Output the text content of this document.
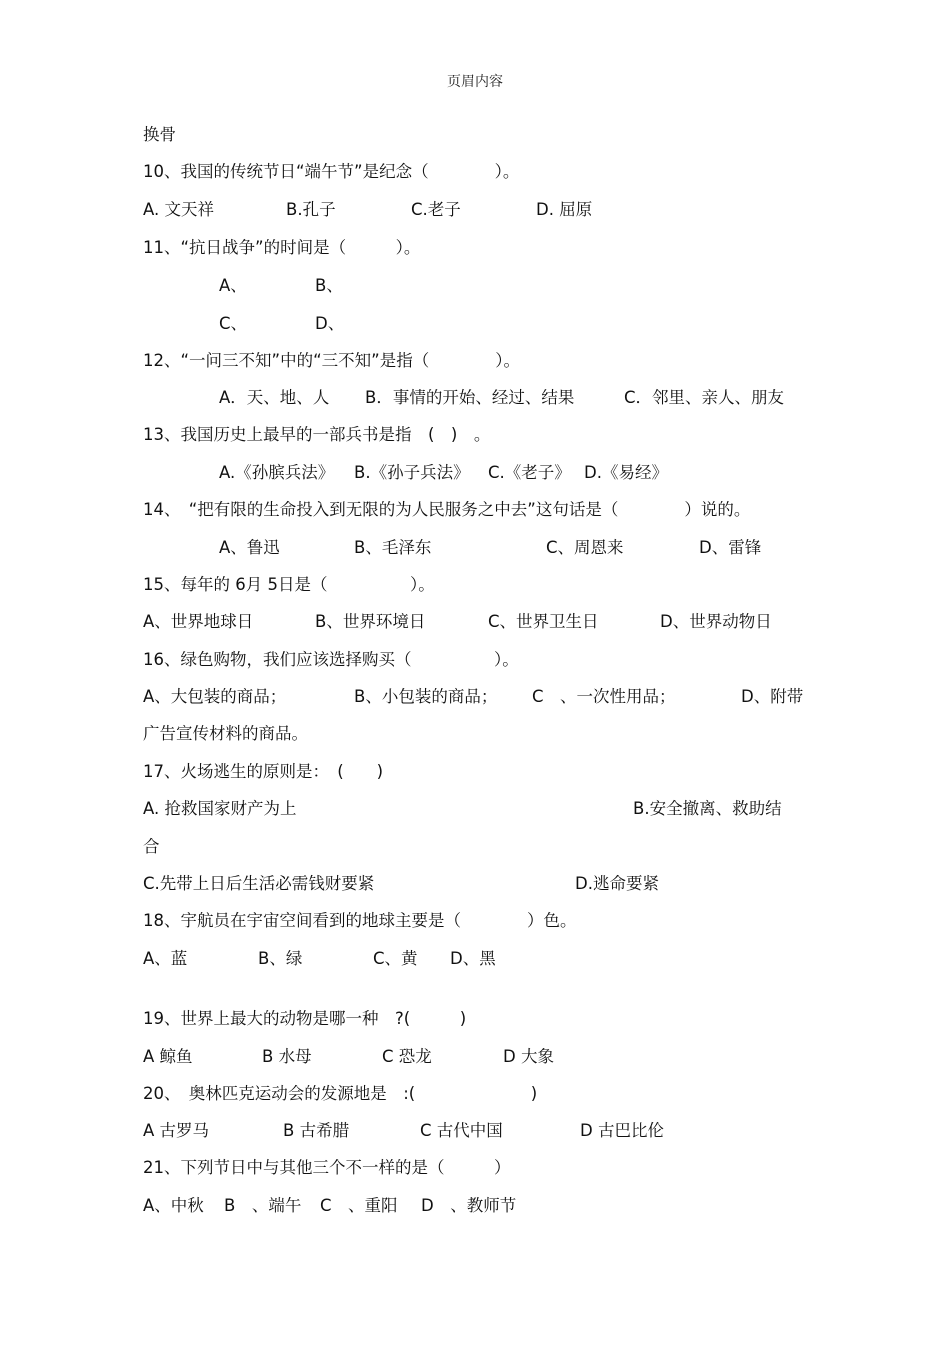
页眉内容
换骨
10、我国的传统节日“端午节”是纪念（　　　　）。
A. 文天祥	B.孔子	C.老子	D. 屈原
11、“抗日战争”的时间是（　　　）。
A、	B、
C、	D、
12、“一问三不知”中的“三不知”是指（　　　　）。
A．天、地、人 B．事情的开始、经过、结果	C．邻里、亲人、朋友
13、我国历史上最早的一部兵书是指　(　)　。
A.《孙膑兵法》 B.《孙子兵法》 C.《老子》 D.《易经》
14、　“把有限的生命投入到无限的为人民服务之中去”这句话是（　　　　）说的。
A、鲁迅	B、毛泽东	C、周恩来	D、雷锋
15、每年的 6月 5日是（　　　　　）。
A、世界地球日	B、世界环境日	C、世界卫生日	D、世界动物日
16、绿色购物，我们应该选择购买（　　　　　）。
A、大包装的商品；	B、小包装的商品； C　、一次性用品；	D、附带
广告宣传材料的商品。
17、火场逃生的原则是：　(　　)
A. 抢救国家财产为上	B.安全撤离、救助结
合
C.先带上日后生活必需钱财要紧	D.逃命要紧
18、宇航员在宇宙空间看到的地球主要是（　　　　）色。
A、蓝	B、绿	C、黄 D、黑
19、世界上最大的动物是哪一种　?(　　　)
A 鲸鱼	B 水母	C 恐龙	D 大象
20、　奥林匹克运动会的发源地是　:(　　　　　　　)
A 古罗马	B 古希腊	C 古代中国	D 古巴比伦
21、下列节日中与其他三个不一样的是（　　　）
A、中秋 B　、端午 C　、重阳 D　、教师节
